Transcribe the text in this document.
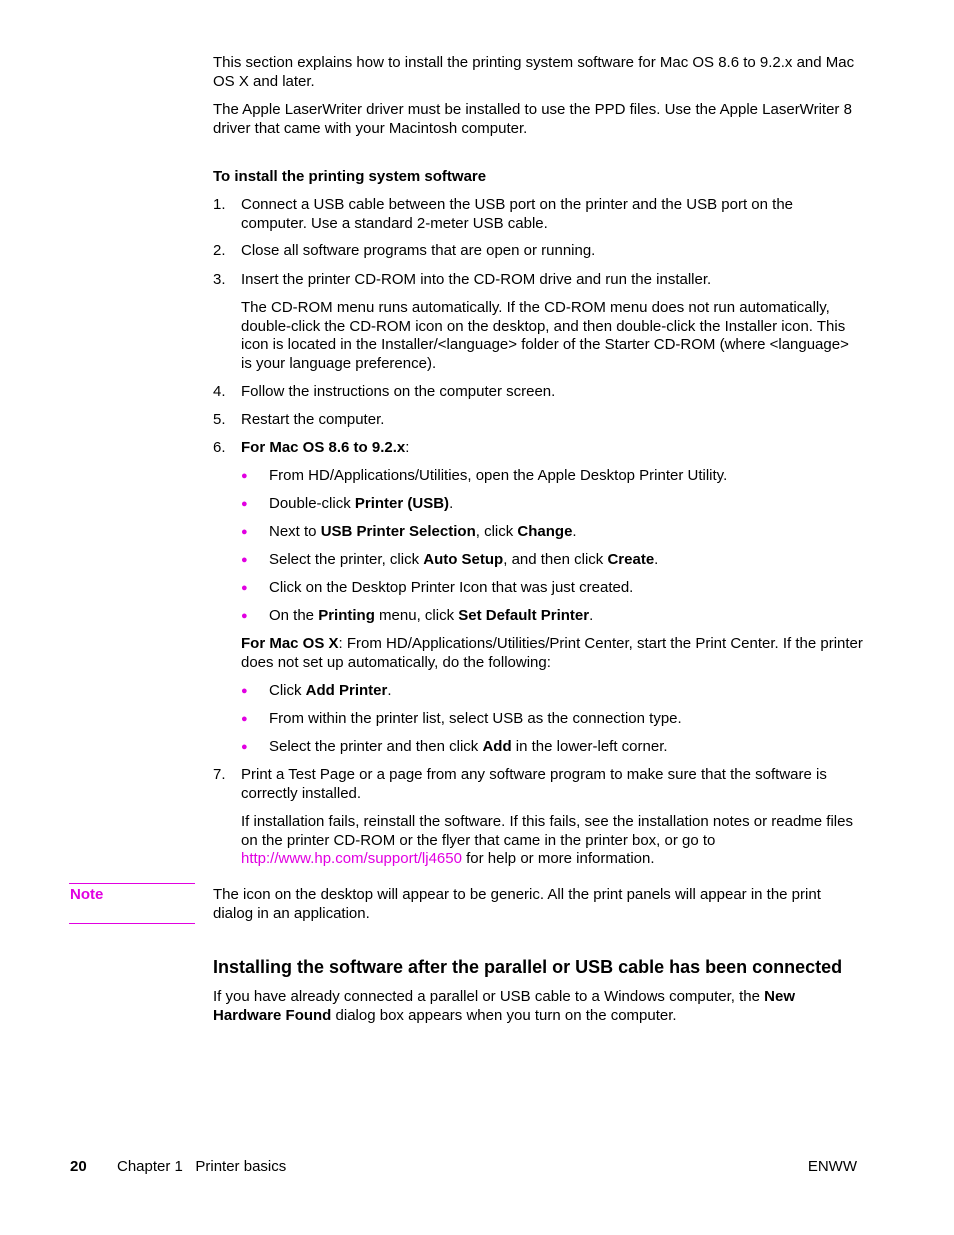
This section explains how to install the printing system software for Mac OS 8.6 to 9.2.x and Mac OS X and later.
The Apple LaserWriter driver must be installed to use the PPD files. Use the Apple LaserWriter 8 driver that came with your Macintosh computer.
To install the printing system software
1. Connect a USB cable between the USB port on the printer and the USB port on the computer. Use a standard 2-meter USB cable.
2. Close all software programs that are open or running.
3. Insert the printer CD-ROM into the CD-ROM drive and run the installer.
The CD-ROM menu runs automatically. If the CD-ROM menu does not run automatically, double-click the CD-ROM icon on the desktop, and then double-click the Installer icon. This icon is located in the Installer/<language> folder of the Starter CD-ROM (where <language> is your language preference).
4. Follow the instructions on the computer screen.
5. Restart the computer.
6. For Mac OS 8.6 to 9.2.x:
● From HD/Applications/Utilities, open the Apple Desktop Printer Utility.
● Double-click Printer (USB).
● Next to USB Printer Selection, click Change.
● Select the printer, click Auto Setup, and then click Create.
● Click on the Desktop Printer Icon that was just created.
● On the Printing menu, click Set Default Printer.
For Mac OS X: From HD/Applications/Utilities/Print Center, start the Print Center. If the printer does not set up automatically, do the following:
● Click Add Printer.
● From within the printer list, select USB as the connection type.
● Select the printer and then click Add in the lower-left corner.
7. Print a Test Page or a page from any software program to make sure that the software is correctly installed.
If installation fails, reinstall the software. If this fails, see the installation notes or readme files on the printer CD-ROM or the flyer that came in the printer box, or go to http://www.hp.com/support/lj4650 for help or more information.
Note	The icon on the desktop will appear to be generic. All the print panels will appear in the print dialog in an application.
Installing the software after the parallel or USB cable has been connected
If you have already connected a parallel or USB cable to a Windows computer, the New Hardware Found dialog box appears when you turn on the computer.
20 Chapter 1   Printer basics	ENWW
